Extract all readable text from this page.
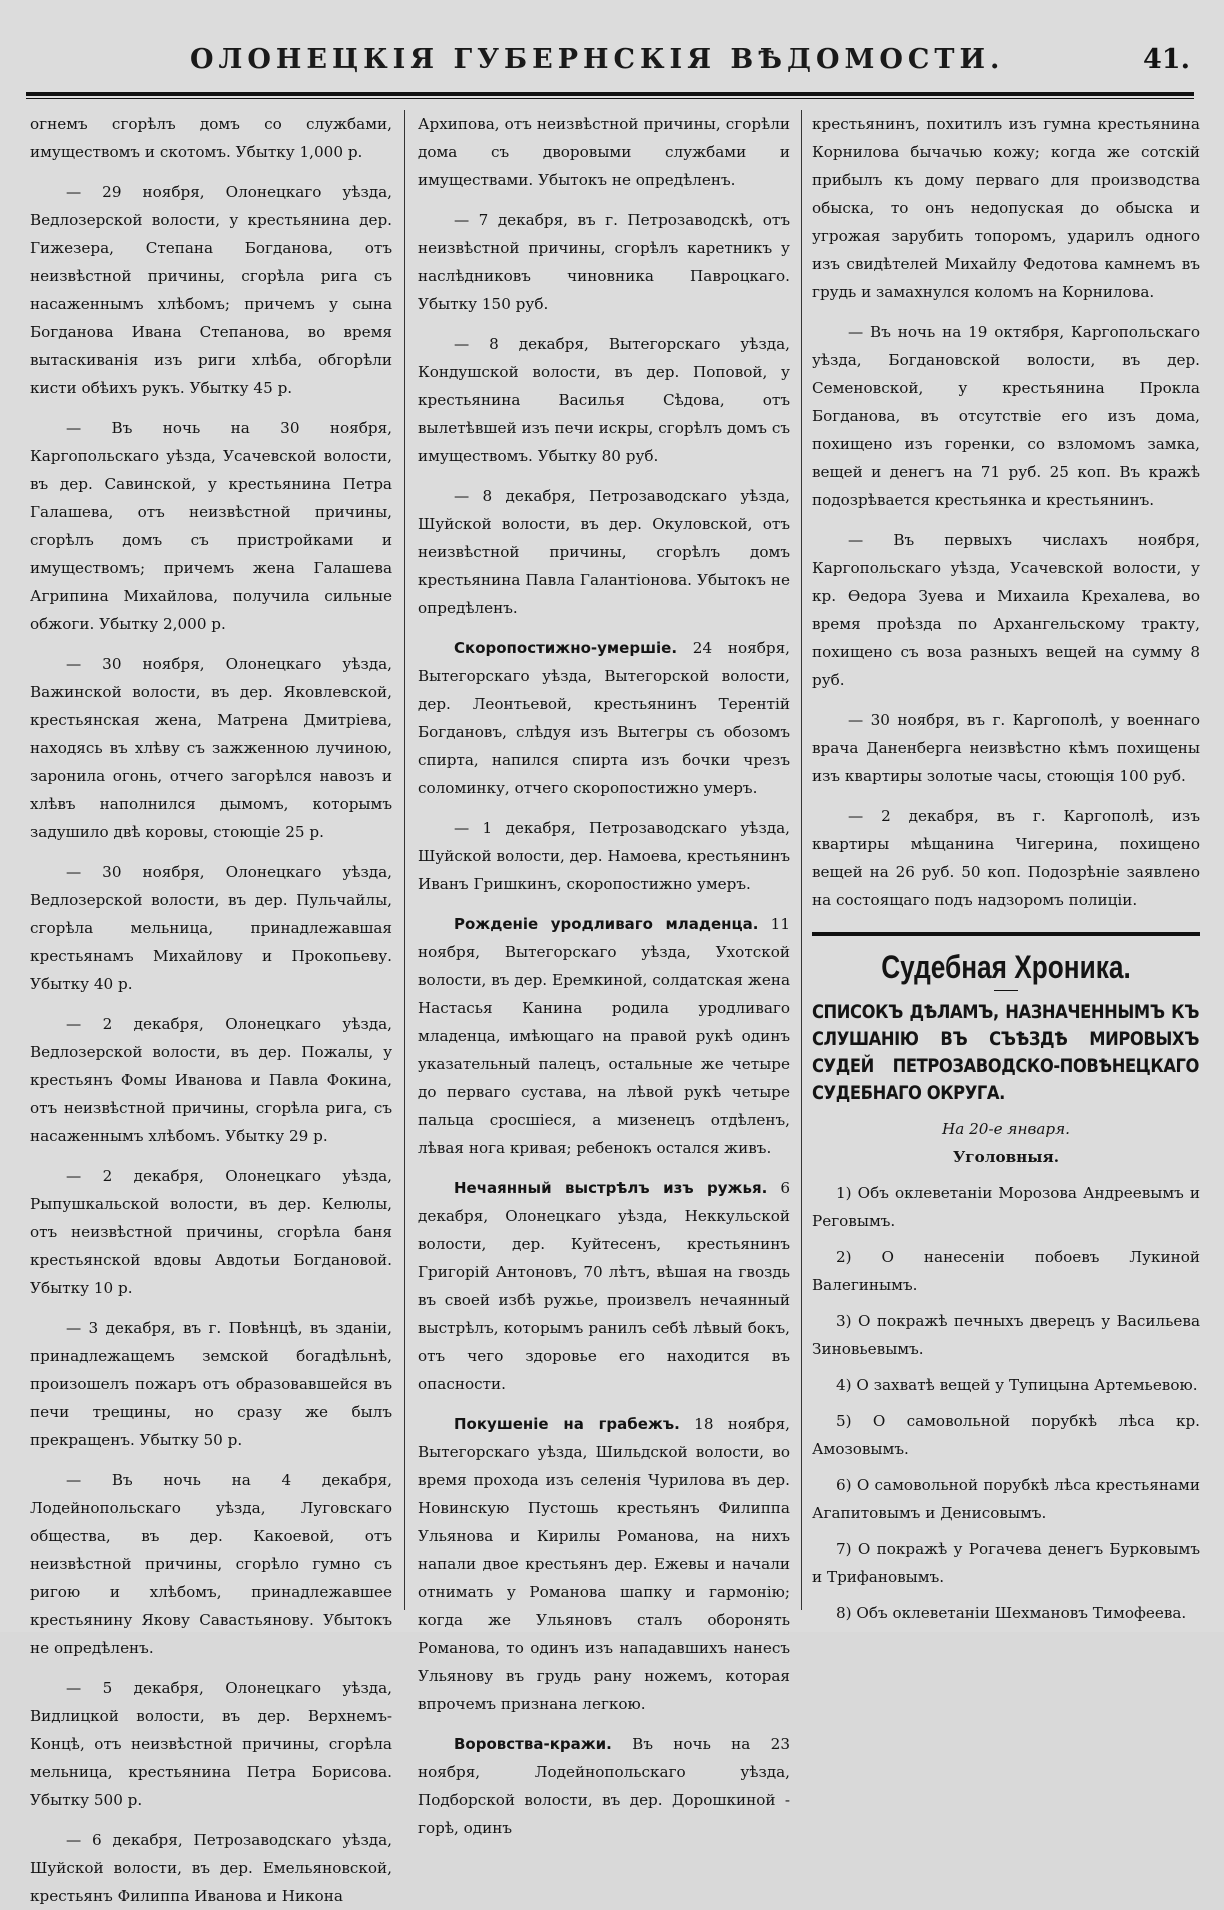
ОЛОНЕЦКІЯ ГУБЕРНСКІЯ ВѢДОМОСТИ.	41.

огнемъ сгорѣлъ домъ со службами, имуществомъ и скотомъ. Убытку 1,000 р.

— 29 ноября, Олонецкаго уѣзда, Ведлозерской волости, у крестьянина дер. Гижезера, Степана Богданова, отъ неизвѣстной причины, сгорѣла рига съ насаженнымъ хлѣбомъ; причемъ у сына Богданова Ивана Степанова, во время вытаскиванія изъ риги хлѣба, обгорѣли кисти обѣихъ рукъ. Убытку 45 р.

— Въ ночь на 30 ноября, Каргопольскаго уѣзда, Усачевской волости, въ дер. Савинской, у крестьянина Петра Галашева, отъ неизвѣстной причины, сгорѣлъ домъ съ пристройками и имуществомъ; причемъ жена Галашева Агрипина Михайлова, получила сильные обжоги. Убытку 2,000 р.

— 30 ноября, Олонецкаго уѣзда, Важинской волости, въ дер. Яковлевской, крестьянская жена, Матрена Дмитріева, находясь въ хлѣву съ зажженною лучиною, заронила огонь, отчего загорѣлся навозъ и хлѣвъ наполнился дымомъ, которымъ задушило двѣ коровы, стоющіе 25 р.

— 30 ноября, Олонецкаго уѣзда, Ведлозерской волости, въ дер. Пульчайлы, сгорѣла мельница, принадлежавшая крестьянамъ Михайлову и Прокопьеву. Убытку 40 р.

— 2 декабря, Олонецкаго уѣзда, Ведлозерской волости, въ дер. Пожалы, у крестьянъ Фомы Иванова и Павла Фокина, отъ неизвѣстной причины, сгорѣла рига, съ насаженнымъ хлѣбомъ. Убытку 29 р.

— 2 декабря, Олонецкаго уѣзда, Рыпушкальской волости, въ дер. Келюлы, отъ неизвѣстной причины, сгорѣла баня крестьянской вдовы Авдотьи Богдановой. Убытку 10 р.

— 3 декабря, въ г. Повѣнцѣ, въ зданіи, принадлежащемъ земской богадѣльнѣ, произошелъ пожаръ отъ образовавшейся въ печи трещины, но сразу же былъ прекращенъ. Убытку 50 р.

— Въ ночь на 4 декабря, Лодейнопольскаго уѣзда, Луговскаго общества, въ дер. Какоевой, отъ неизвѣстной причины, сгорѣло гумно съ ригою и хлѣбомъ, принадлежавшее крестьянину Якову Савастьянову. Убытокъ не опредѣленъ.

— 5 декабря, Олонецкаго уѣзда, Видлицкой волости, въ дер. Верхнемъ-Концѣ, отъ неизвѣстной причины, сгорѣла мельница, крестьянина Петра Борисова. Убытку 500 р.

— 6 декабря, Петрозаводскаго уѣзда, Шуйской волости, въ дер. Емельяновской, крестьянъ Филиппа Иванова и Никона

Архипова, отъ неизвѣстной причины, сгорѣли дома съ дворовыми службами и имуществами. Убытокъ не опредѣленъ.

— 7 декабря, въ г. Петрозаводскѣ, отъ неизвѣстной причины, сгорѣлъ каретникъ у наслѣдниковъ чиновника Павроцкаго. Убытку 150 руб.

— 8 декабря, Вытегорскаго уѣзда, Кондушской волости, въ дер. Поповой, у крестьянина Василья Сѣдова, отъ вылетѣвшей изъ печи искры, сгорѣлъ домъ съ имуществомъ. Убытку 80 руб.

— 8 декабря, Петрозаводскаго уѣзда, Шуйской волости, въ дер. Окуловской, отъ неизвѣстной причины, сгорѣлъ домъ крестьянина Павла Галантіонова. Убытокъ не опредѣленъ.

Скоропостижно-умершіе. 24 ноября, Вытегорскаго уѣзда, Вытегорской волости, дер. Леонтьевой, крестьянинъ Терентій Богдановъ, слѣдуя изъ Вытегры съ обозомъ спирта, напился спирта изъ бочки чрезъ соломинку, отчего скоропостижно умеръ.

— 1 декабря, Петрозаводскаго уѣзда, Шуйской волости, дер. Намоева, крестьянинъ Иванъ Гришкинъ, скоропостижно умеръ.

Рожденіе уродливаго младенца. 11 ноября, Вытегорскаго уѣзда, Ухотской волости, въ дер. Еремкиной, солдатская жена Настасья Канина родила уродливаго младенца, имѣющаго на правой рукѣ одинъ указательный палецъ, остальные же четыре до перваго сустава, на лѣвой рукѣ четыре пальца сросшіеся, а мизенецъ отдѣленъ, лѣвая нога кривая; ребенокъ остался живъ.

Нечаянный выстрѣлъ изъ ружья. 6 декабря, Олонецкаго уѣзда, Неккульской волости, дер. Куйтесенъ, крестьянинъ Григорій Антоновъ, 70 лѣтъ, вѣшая на гвоздь въ своей избѣ ружье, произвелъ нечаянный выстрѣлъ, которымъ ранилъ себѣ лѣвый бокъ, отъ чего здоровье его находится въ опасности.

Покушеніе на грабежъ. 18 ноября, Вытегорскаго уѣзда, Шильдской волости, во время прохода изъ селенія Чурилова въ дер. Новинскую Пустошь крестьянъ Филиппа Ульянова и Кирилы Романова, на нихъ напали двое крестьянъ дер. Ежевы и начали отнимать у Романова шапку и гармонію; когда же Ульяновъ сталъ оборонять Романова, то одинъ изъ нападавшихъ нанесъ Ульянову въ грудь рану ножемъ, которая впрочемъ признана легкою.

Воровства-кражи. Въ ночь на 23 ноября, Лодейнопольскаго уѣзда, Подборской волости, въ дер. Дорошкиной - горѣ, одинъ

крестьянинъ, похитилъ изъ гумна крестьянина Корнилова бычачью кожу; когда же сотскій прибылъ къ дому перваго для производства обыска, то онъ недопуская до обыска и угрожая зарубить топоромъ, ударилъ одного изъ свидѣтелей Михайлу Федотова камнемъ въ грудь и замахнулся коломъ на Корнилова.

— Въ ночь на 19 октября, Каргопольскаго уѣзда, Богдановской волости, въ дер. Семеновской, у крестьянина Прокла Богданова, въ отсутствіе его изъ дома, похищено изъ горенки, со взломомъ замка, вещей и денегъ на 71 руб. 25 коп. Въ кражѣ подозрѣвается крестьянка и крестьянинъ.

— Въ первыхъ числахъ ноября, Каргопольскаго уѣзда, Усачевской волости, у кр. Ѳедора Зуева и Михаила Крехалева, во время проѣзда по Архангельскому тракту, похищено съ воза разныхъ вещей на сумму 8 руб.

— 30 ноября, въ г. Каргополѣ, у военнаго врача Даненберга неизвѣстно кѣмъ похищены изъ квартиры золотые часы, стоющія 100 руб.

— 2 декабря, въ г. Каргополѣ, изъ квартиры мѣщанина Чигерина, похищено вещей на 26 руб. 50 коп. Подозрѣніе заявлено на состоящаго подъ надзоромъ полиціи.

Судебная Хроника.
СПИСОКЪ ДѢЛАМЪ, НАЗНАЧЕННЫМЪ КЪ СЛУШАНІЮ ВЪ СЪѢЗДѢ МИРОВЫХЪ СУДЕЙ ПЕТРОЗАВОДСКО-ПОВѢНЕЦКАГО СУДЕБНАГО ОКРУГА.
На 20-е января.
Уголовныя.
1) Объ оклеветаніи Морозова Андреевымъ и Реговымъ.
2) О нанесеніи побоевъ Лукиной Валегинымъ.
3) О покражѣ печныхъ дверецъ у Васильева Зиновьевымъ.
4) О захватѣ вещей у Тупицына Артемьевою.
5) О самовольной порубкѣ лѣса кр. Амозовымъ.
6) О самовольной порубкѣ лѣса крестьянами Агапитовымъ и Денисовымъ.
7) О покражѣ у Рогачева денегъ Бурковымъ и Трифановымъ.
8) Объ оклеветаніи Шехмановъ Тимофеева.
